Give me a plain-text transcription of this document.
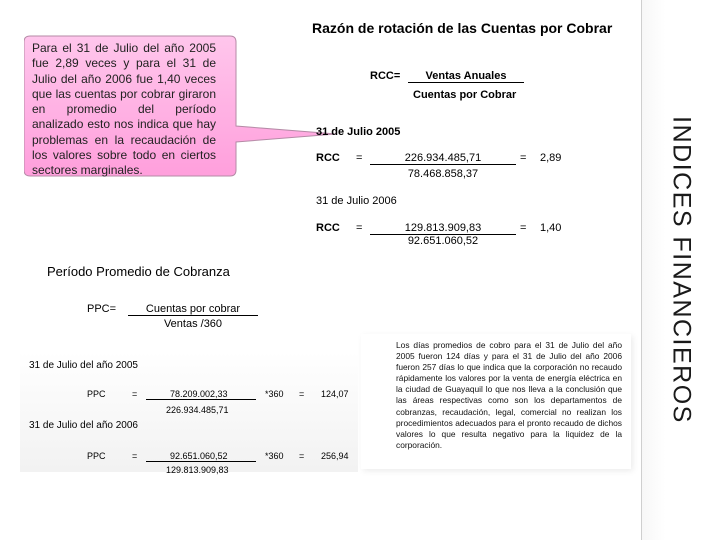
INDICES FINANCIEROS
Razón de rotación de las Cuentas por Cobrar
Para el 31 de Julio del año 2005 fue 2,89 veces y para el 31 de Julio del año 2006 fue 1,40 veces que las cuentas por cobrar giraron en promedio del período analizado esto nos indica que hay problemas en la recaudación de los valores sobre todo en ciertos sectores marginales.
RCC=	Ventas Anuales
Cuentas por Cobrar
31 de Julio 2005
RCC =	226.934.485,71
78.468.858,37
= 2,89
31 de Julio 2006
RCC =	129.813.909,83
92.651.060,52
= 1,40
Período Promedio de Cobranza
PPC=	Cuentas por cobrar
Ventas /360
31 de Julio del año 2005
PPC	=	78.209.002,33	*360 = 124,07
226.934.485,71
31 de Julio del año 2006
PPC	=	92.651.060,52	*360 = 256,94
129.813.909,83
Los días promedios de cobro para el 31 de Julio del año 2005 fueron 124 días y para el 31 de Julio del año 2006 fueron 257 días lo que indica que la corporación no recaudo rápidamente los valores por la venta de energía eléctrica en la ciudad de Guayaquil lo que nos lleva a la conclusión que las áreas respectivas como son los departamentos de cobranzas, recaudación, legal, comercial no realizan los procedimientos adecuados para el pronto recaudo de dichos valores lo que resulta negativo para la liquidez de la corporación.
